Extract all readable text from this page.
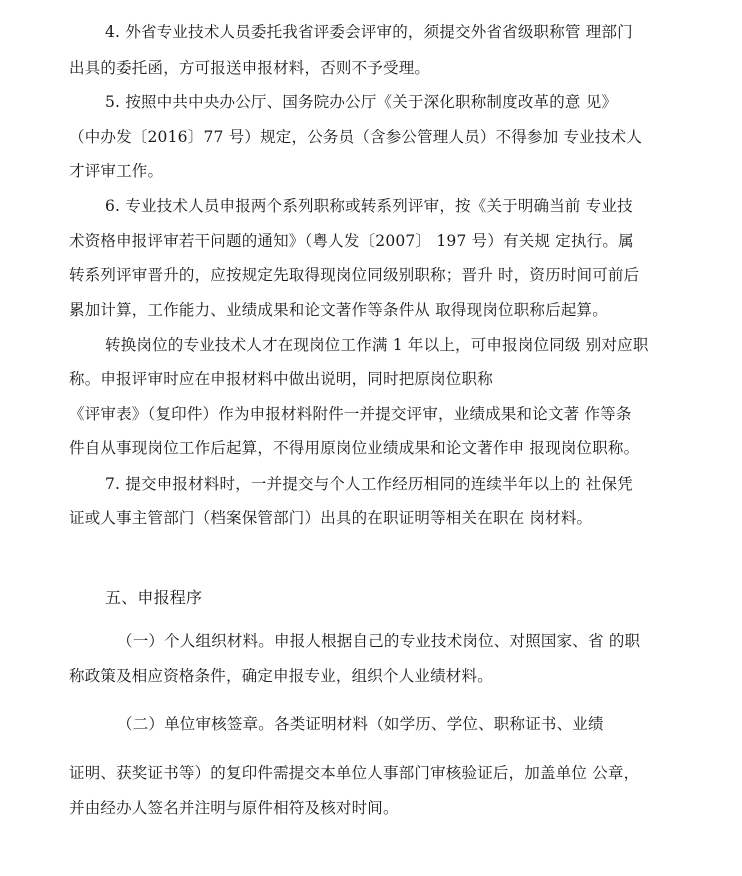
4. 外省专业技术人员委托我省评委会评审的，须提交外省省级职称管 理部门

出具的委托函，方可报送申报材料，否则不予受理。

5. 按照中共中央办公厅、国务院办公厅《关于深化职称制度改革的意 见》

（中办发〔2016〕77 号）规定，公务员（含参公管理人员）不得参加 专业技术人

才评审工作。

6. 专业技术人员申报两个系列职称或转系列评审，按《关于明确当前 专业技

术资格申报评审若干问题的通知》（粤人发〔2007〕 197 号）有关规 定执行。属

转系列评审晋升的，应按规定先取得现岗位同级别职称；晋升 时，资历时间可前后

累加计算，工作能力、业绩成果和论文著作等条件从 取得现岗位职称后起算。

转换岗位的专业技术人才在现岗位工作满 1 年以上，可申报岗位同级 别对应职

称。申报评审时应在申报材料中做出说明，同时把原岗位职称

《评审表》（复印件）作为申报材料附件一并提交评审，业绩成果和论文著 作等条

件自从事现岗位工作后起算，不得用原岗位业绩成果和论文著作申 报现岗位职称。

7. 提交申报材料时，一并提交与个人工作经历相同的连续半年以上的 社保凭

证或人事主管部门（档案保管部门）出具的在职证明等相关在职在 岗材料。

五、申报程序

（一）个人组织材料。申报人根据自己的专业技术岗位、对照国家、省 的职

称政策及相应资格条件，确定申报专业，组织个人业绩材料。

（二）单位审核签章。各类证明材料（如学历、学位、职称证书、业绩

证明、获奖证书等）的复印件需提交本单位人事部门审核验证后，加盖单位 公章，

并由经办人签名并注明与原件相符及核对时间。
